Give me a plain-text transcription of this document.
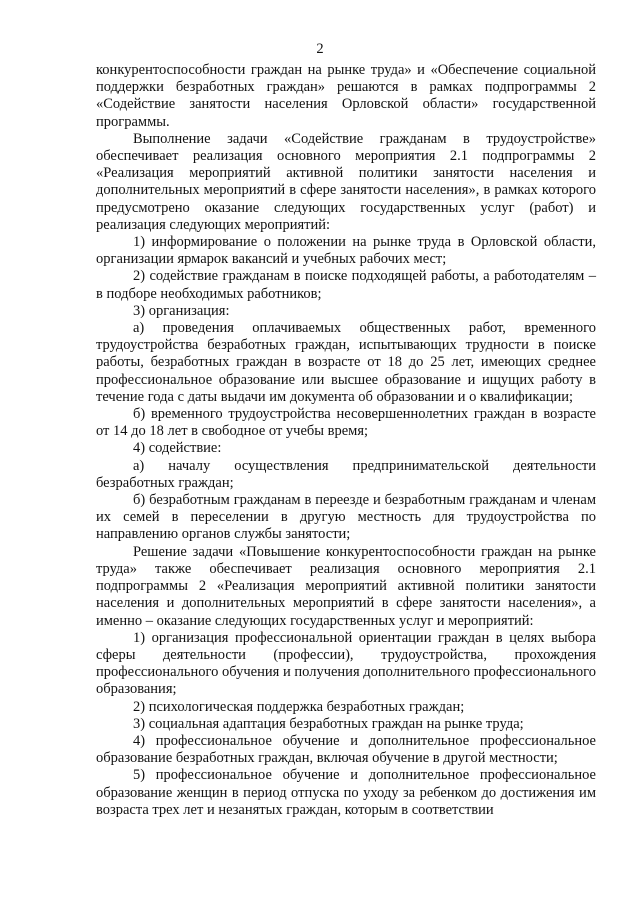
2

конкурентоспособности граждан на рынке труда» и «Обеспечение социальной поддержки безработных граждан» решаются в рамках подпрограммы 2 «Содействие занятости населения Орловской области» государственной программы.

Выполнение задачи «Содействие гражданам в трудоустройстве» обеспечивает реализация основного мероприятия 2.1 подпрограммы 2 «Реализация мероприятий активной политики занятости населения и дополнительных мероприятий в сфере занятости населения», в рамках которого предусмотрено оказание следующих государственных услуг (работ) и реализация следующих мероприятий:

1) информирование о положении на рынке труда в Орловской области, организации ярмарок вакансий и учебных рабочих мест;

2) содействие гражданам в поиске подходящей работы, а работодателям – в подборе необходимых работников;

3) организация:

а) проведения оплачиваемых общественных работ, временного трудоустройства безработных граждан, испытывающих трудности в поиске работы, безработных граждан в возрасте от 18 до 25 лет, имеющих среднее профессиональное образование или высшее образование и ищущих работу в течение года с даты выдачи им документа об образовании и о квалификации;

б) временного трудоустройства несовершеннолетних граждан в возрасте от 14 до 18 лет в свободное от учебы время;

4) содействие:

а) началу осуществления предпринимательской деятельности безработных граждан;

б) безработным гражданам в переезде и безработным гражданам и членам их семей в переселении в другую местность для трудоустройства по направлению органов службы занятости;

Решение задачи «Повышение конкурентоспособности граждан на рынке труда» также обеспечивает реализация основного мероприятия 2.1 подпрограммы 2 «Реализация мероприятий активной политики занятости населения и дополнительных мероприятий в сфере занятости населения», а именно – оказание следующих государственных услуг и мероприятий:

1) организация профессиональной ориентации граждан в целях выбора сферы деятельности (профессии), трудоустройства, прохождения профессионального обучения и получения дополнительного профессионального образования;

2) психологическая поддержка безработных граждан;

3) социальная адаптация безработных граждан на рынке труда;

4) профессиональное обучение и дополнительное профессиональное образование безработных граждан, включая обучение в другой местности;

5) профессиональное обучение и дополнительное профессиональное образование женщин в период отпуска по уходу за ребенком до достижения им возраста трех лет и незанятых граждан, которым в соответствии
